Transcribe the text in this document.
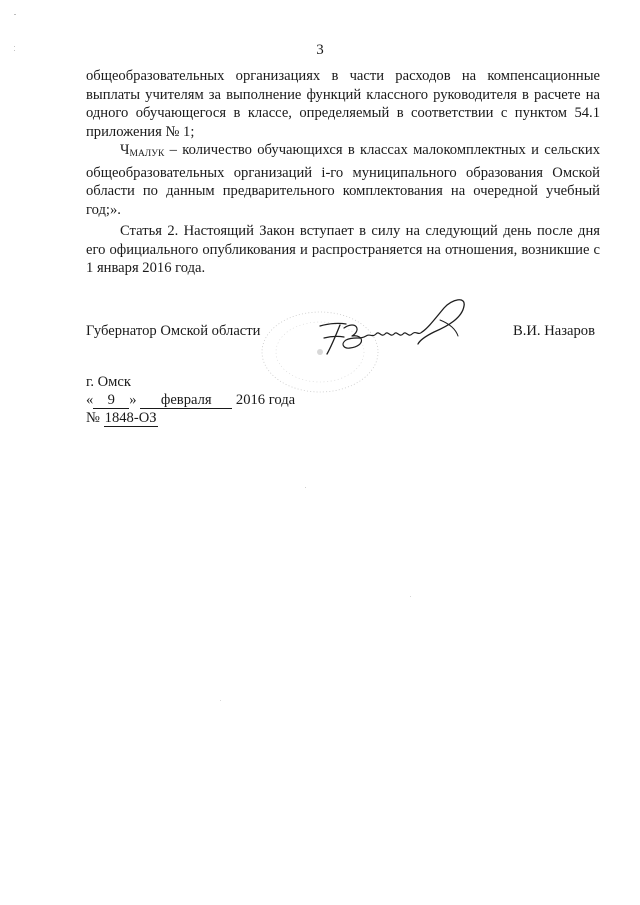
3
общеобразовательных организациях в части расходов на компенсационные выплаты учителям за выполнение функций классного руководителя в расчете на одного обучающегося в классе, определяемый в соответствии с пунктом 54.1 приложения № 1;
$Ч_{МАЛУК}$ – количество обучающихся в классах малокомплектных и сельских общеобразовательных организаций i-го муниципального образования Омской области по данным предварительного комплектования на очередной учебный год;».
Статья 2. Настоящий Закон вступает в силу на следующий день после дня его официального опубликования и распространяется на отношения, возникшие с 1 января 2016 года.
Губернатор Омской области	В.И. Назаров
г. Омск
« 9 » февраля 2016 года
№ 1848-ОЗ
